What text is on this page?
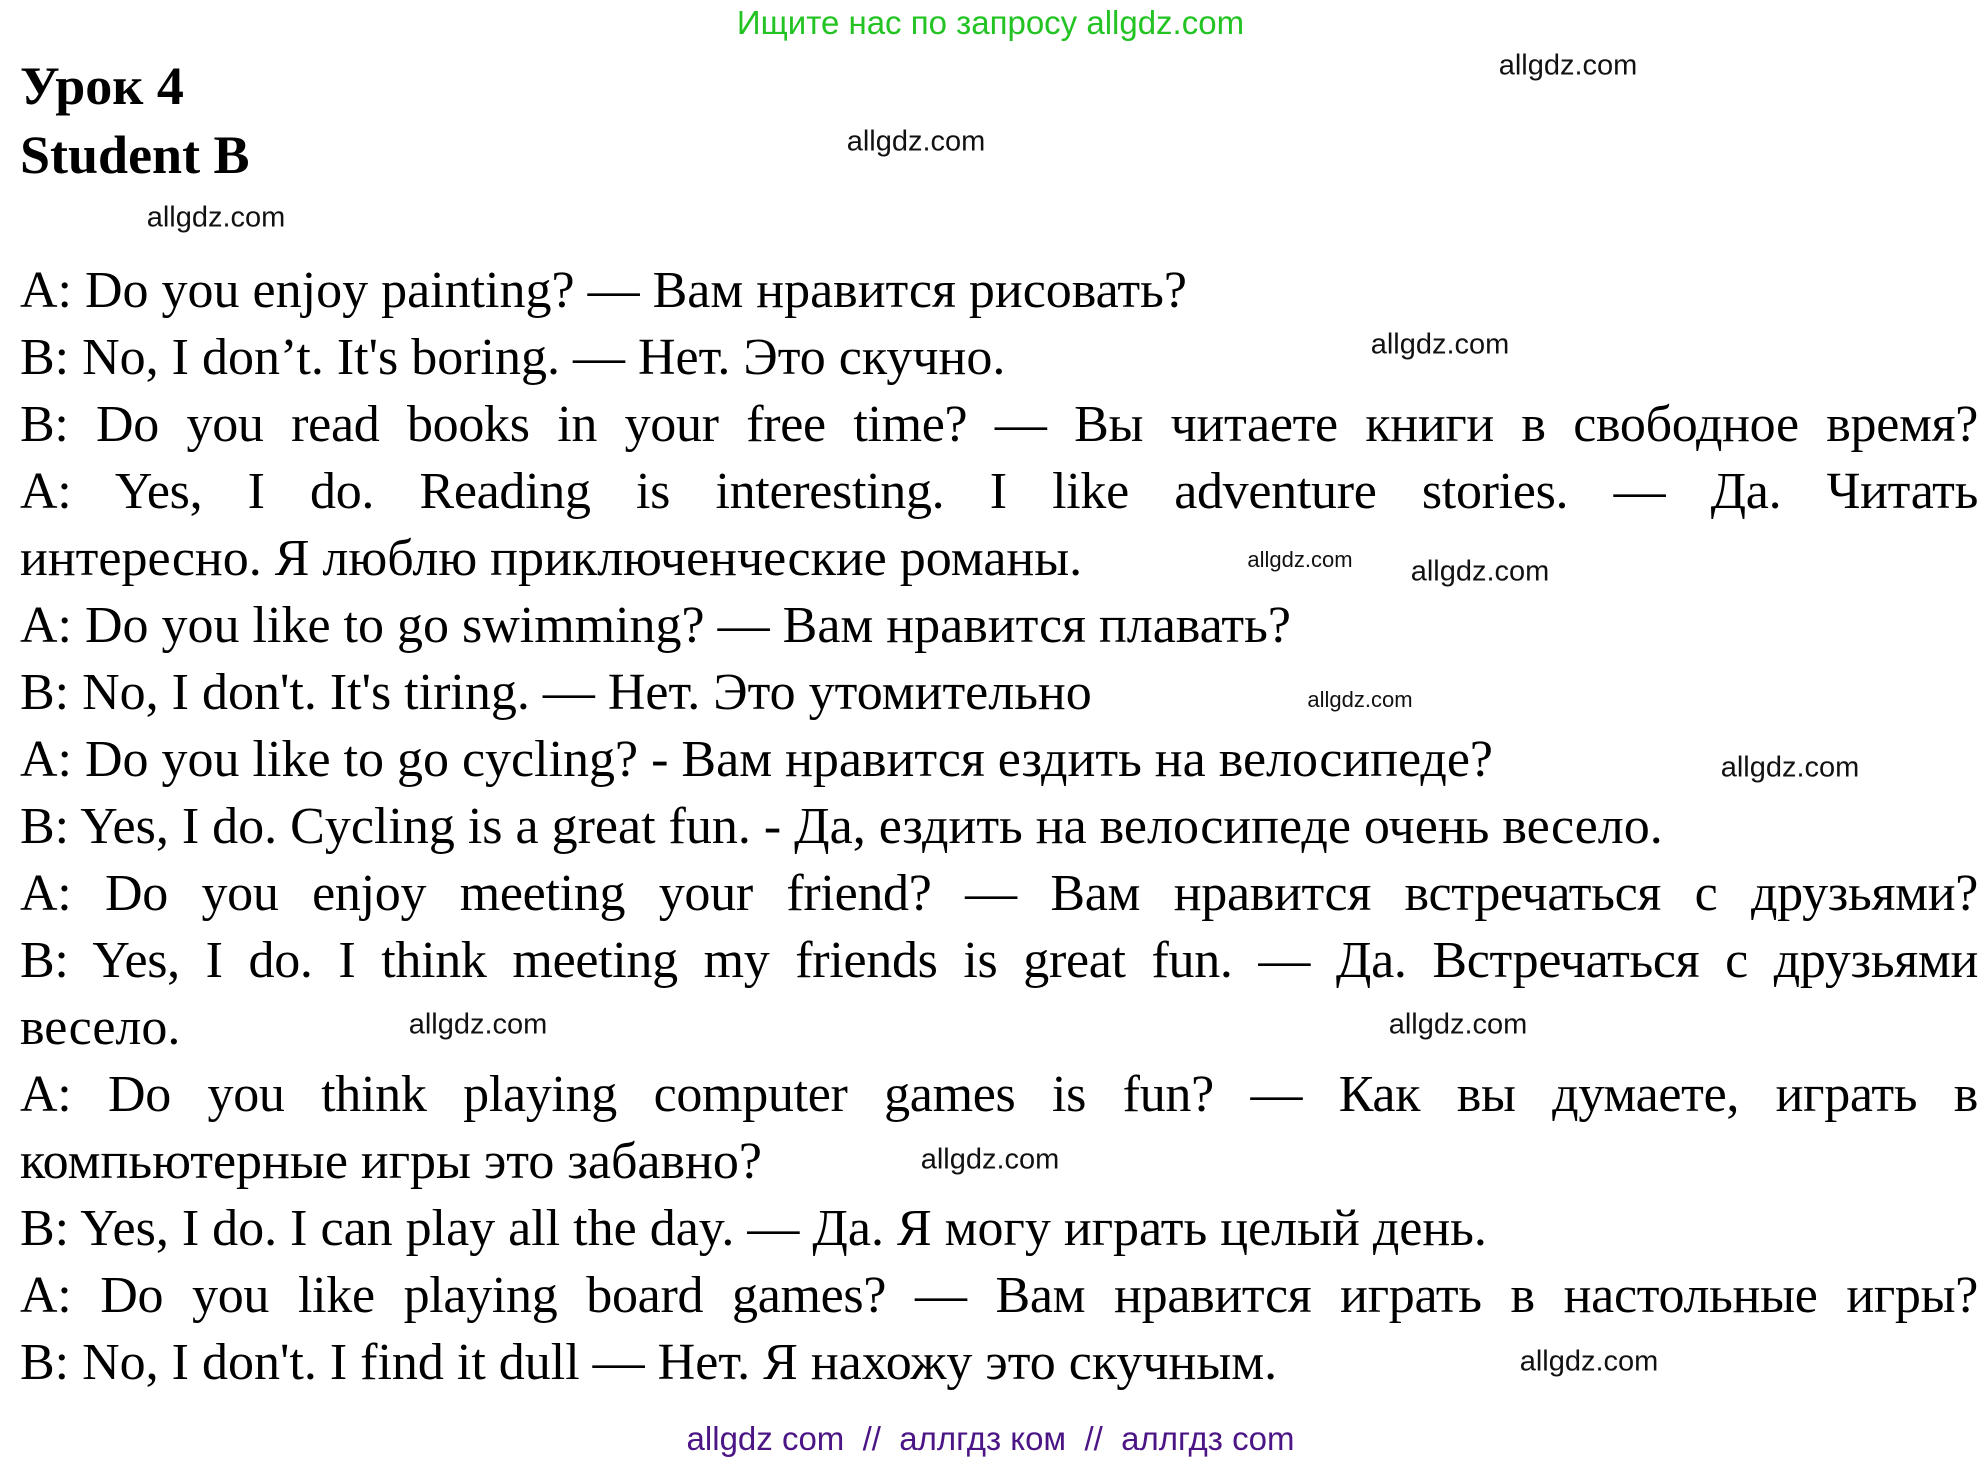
Ищите нас по запросу allgdz.com
Урок 4
Student B
A: Do you enjoy painting? — Вам нравится рисовать?
B: No, I don’t. It's boring. — Нет. Это скучно.
B: Do you read books in your free time? — Вы читаете книги в свободное время?
A: Yes, I do. Reading is interesting. I like adventure stories. — Да. Читать
интересно. Я люблю приключенческие романы.
A: Do you like to go swimming? — Вам нравится плавать?
B: No, I don't. It's tiring. — Нет. Это утомительно
A: Do you like to go cycling? - Вам нравится ездить на велосипеде?
B: Yes, I do. Cycling is a great fun. - Да, ездить на велосипеде очень весело.
A: Do you enjoy meeting your friend? — Вам нравится встречаться с друзьями?
B: Yes, I do. I think meeting my friends is great fun. — Да. Встречаться с друзьями
весело.
A: Do you think playing computer games is fun? — Как вы думаете, играть в
компьютерные игры это забавно?
B: Yes, I do. I can play all the day. — Да. Я могу играть целый день.
A: Do you like playing board games? — Вам нравится играть в настольные игры?
B: No, I don't. I find it dull — Нет. Я нахожу это скучным.
allgdz.com
allgdz.com
allgdz.com
allgdz.com
allgdz.com allgdz.com
allgdz.com
allgdz.com
allgdz.com	allgdz.com
allgdz.com
allgdz.com
allgdz com  //  аллгдз ком  //  аллгдз com
